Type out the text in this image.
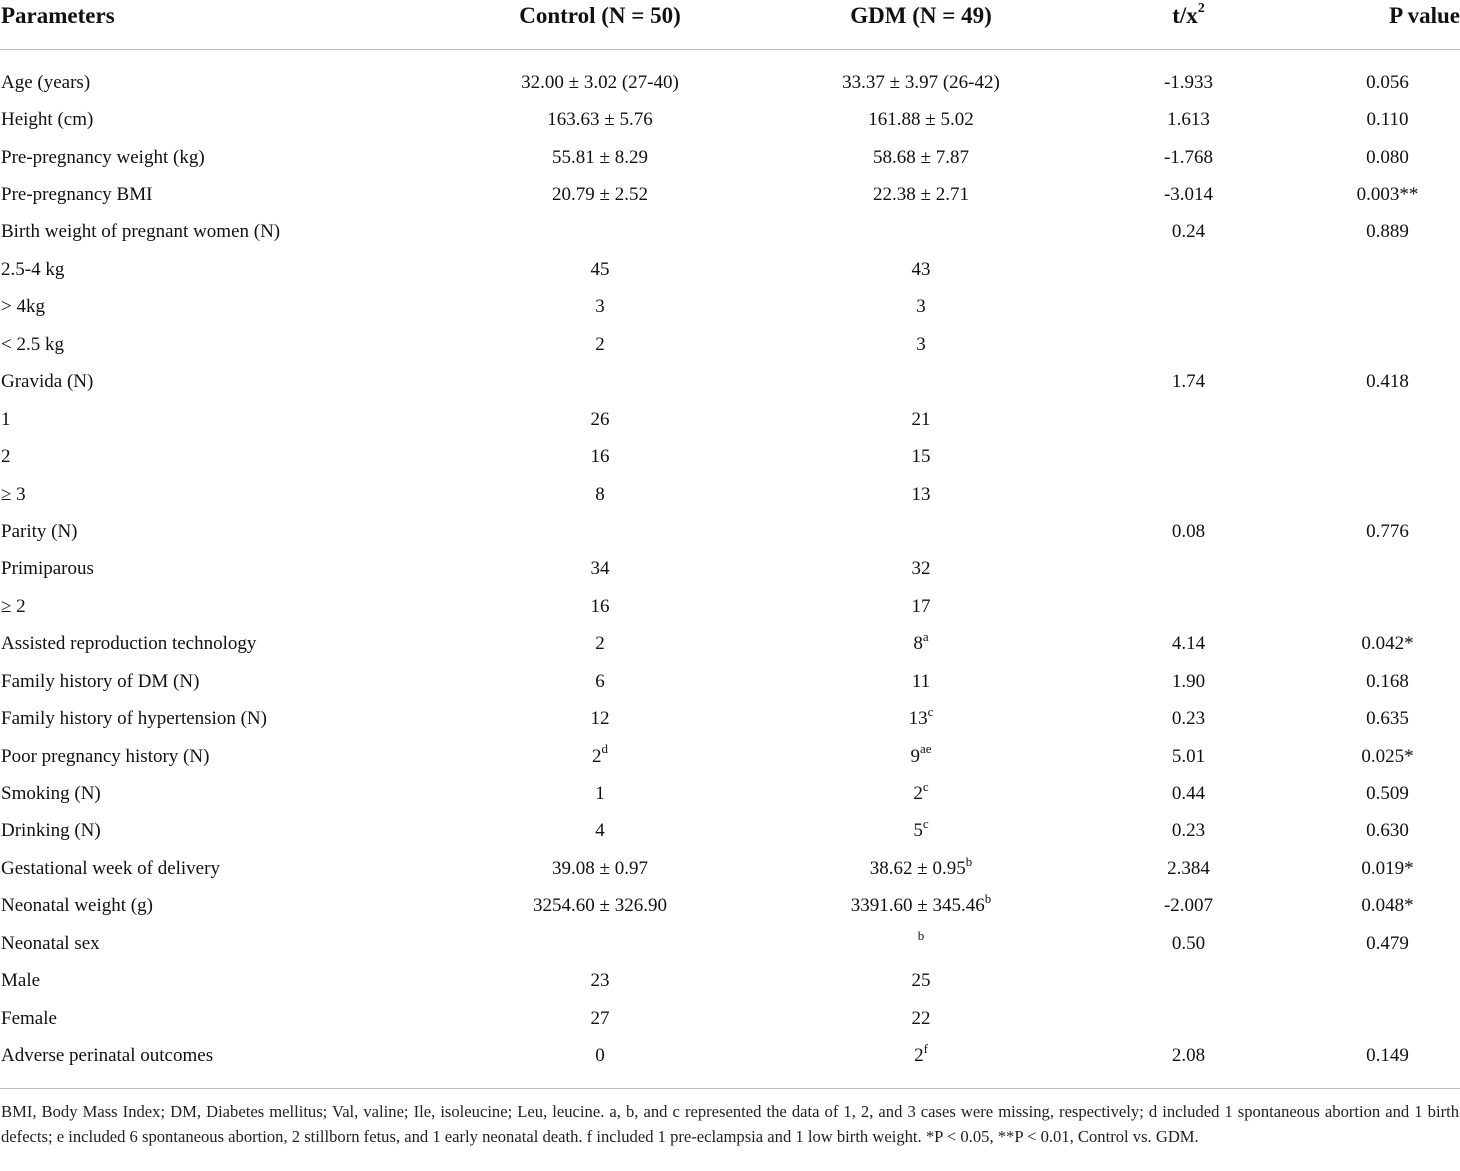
Parameters	Control (N = 50)	GDM (N = 49)	$t/x^2$	P value
Age (years)	32.00 ± 3.02 (27-40)	33.37 ± 3.97 (26-42)	-1.933	0.056
Height (cm)	163.63 ± 5.76	161.88 ± 5.02	1.613	0.110
Pre-pregnancy weight (kg)	55.81 ± 8.29	58.68 ± 7.87	-1.768	0.080
Pre-pregnancy BMI	20.79 ± 2.52	22.38 ± 2.71	-3.014	0.003**
Birth weight of pregnant women (N)			0.24	0.889
2.5-4 kg	45	43		
> 4kg	3	3		
< 2.5 kg	2	3		
Gravida (N)			1.74	0.418
1	26	21		
2	16	15		
≥ 3	8	13		
Parity (N)			0.08	0.776
Primiparous	34	32		
≥ 2	16	17		
Assisted reproduction technology	2	8$^a$	4.14	0.042*
Family history of DM (N)	6	11	1.90	0.168
Family history of hypertension (N)	12	13$^c$	0.23	0.635
Poor pregnancy history (N)	2$^d$	$9^{ae}$	5.01	0.025*
Smoking (N)	1	2$^c$	0.44	0.509
Drinking (N)	4	5$^c$	0.23	0.630
Gestational week of delivery	39.08 ± 0.97	38.62 ± 0.95$^b$	2.384	0.019*
Neonatal weight (g)	3254.60 ± 326.90	3391.60 ± 345.46$^b$	-2.007	0.048*
Neonatal sex		$^b$	0.50	0.479
Male	23	25		
Female	27	22		
Adverse perinatal outcomes	0	2$^f$	2.08	0.149
BMI, Body Mass Index; DM, Diabetes mellitus; Val, valine; Ile, isoleucine; Leu, leucine. a, b, and c represented the data of 1, 2, and 3 cases were missing, respectively; d included 1 spontaneous abortion and 1 birth defects; e included 6 spontaneous abortion, 2 stillborn fetus, and 1 early neonatal death. f included 1 pre-eclampsia and 1 low birth weight. *P < 0.05, **P < 0.01, Control vs. GDM.
